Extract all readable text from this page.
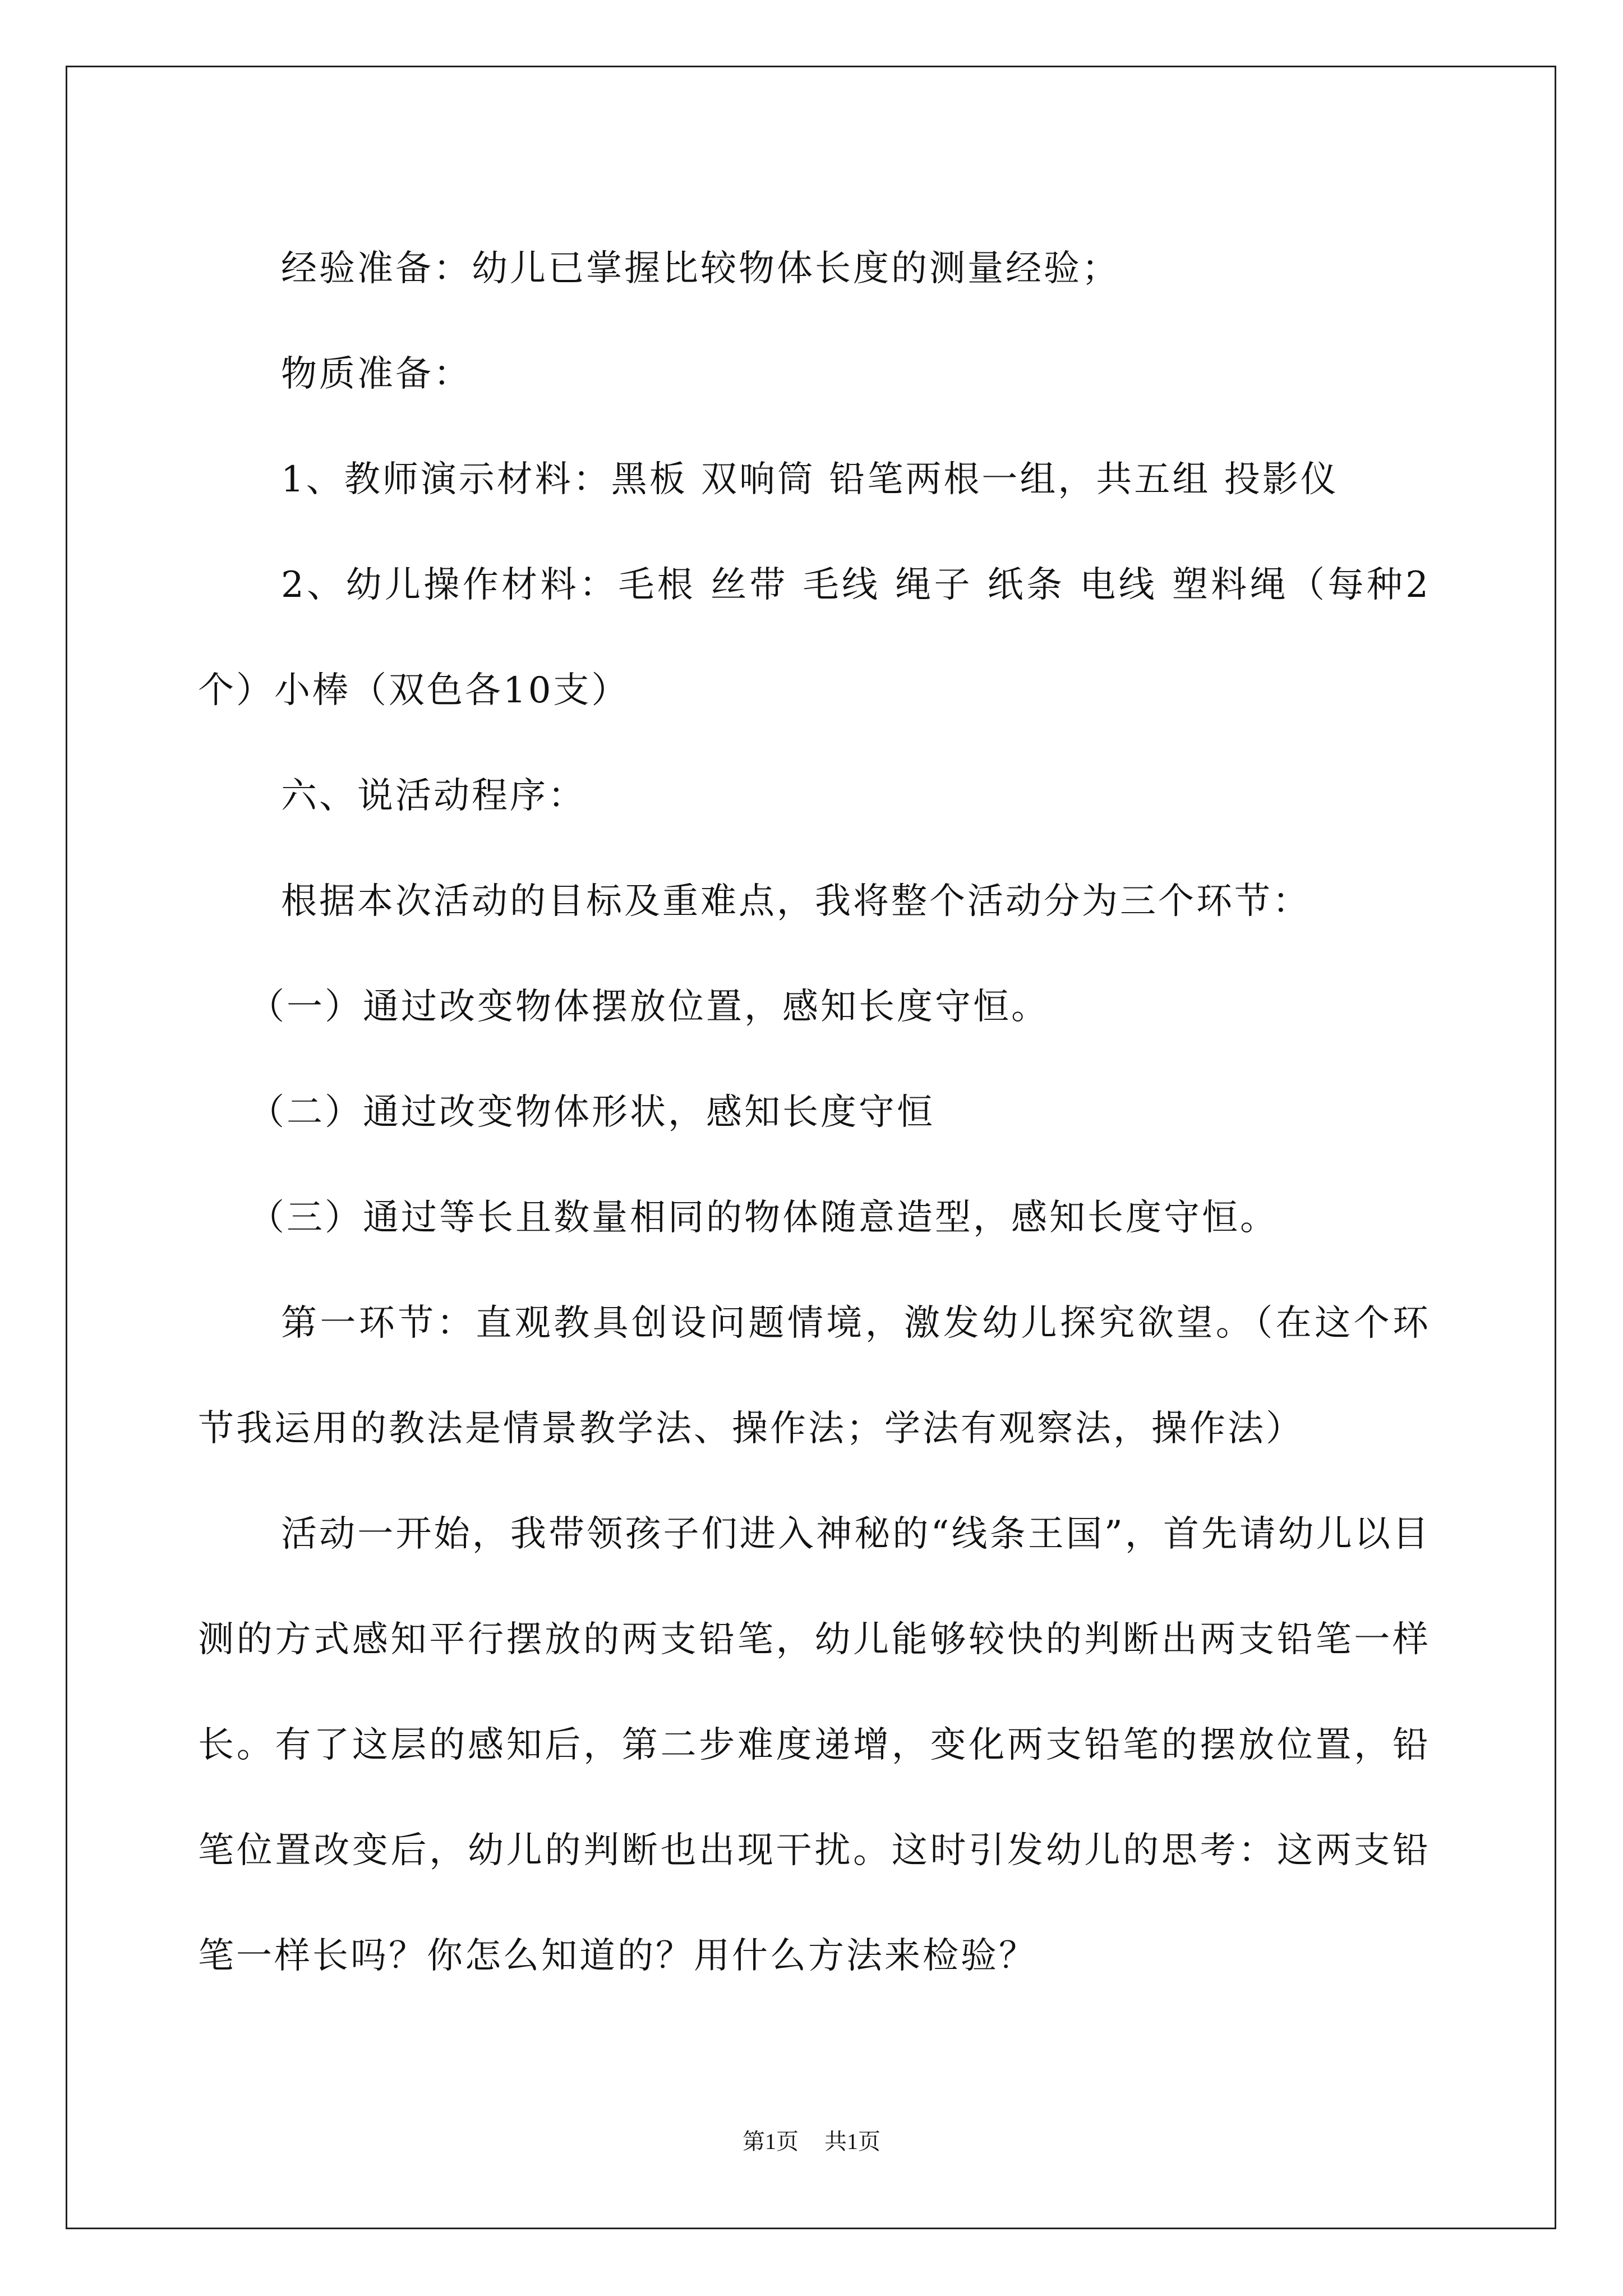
经验准备：幼儿已掌握比较物体长度的测量经验；

物质准备：

1、教师演示材料：黑板 双响筒 铅笔两根一组，共五组 投影仪

2、幼儿操作材料：毛根 丝带 毛线 绳子 纸条 电线 塑料绳（每种2个）小棒（双色各10支）

六、说活动程序：

根据本次活动的目标及重难点，我将整个活动分为三个环节：

（一）通过改变物体摆放位置，感知长度守恒。

（二）通过改变物体形状，感知长度守恒

（三）通过等长且数量相同的物体随意造型，感知长度守恒。

第一环节：直观教具创设问题情境，激发幼儿探究欲望。（在这个环节我运用的教法是情景教学法、操作法；学法有观察法，操作法）

活动一开始，我带领孩子们进入神秘的“线条王国”，首先请幼儿以目测的方式感知平行摆放的两支铅笔，幼儿能够较快的判断出两支铅笔一样长。有了这层的感知后，第二步难度递增，变化两支铅笔的摆放位置，铅笔位置改变后，幼儿的判断也出现干扰。这时引发幼儿的思考：这两支铅笔一样长吗？你怎么知道的？用什么方法来检验？

第1页 共1页
